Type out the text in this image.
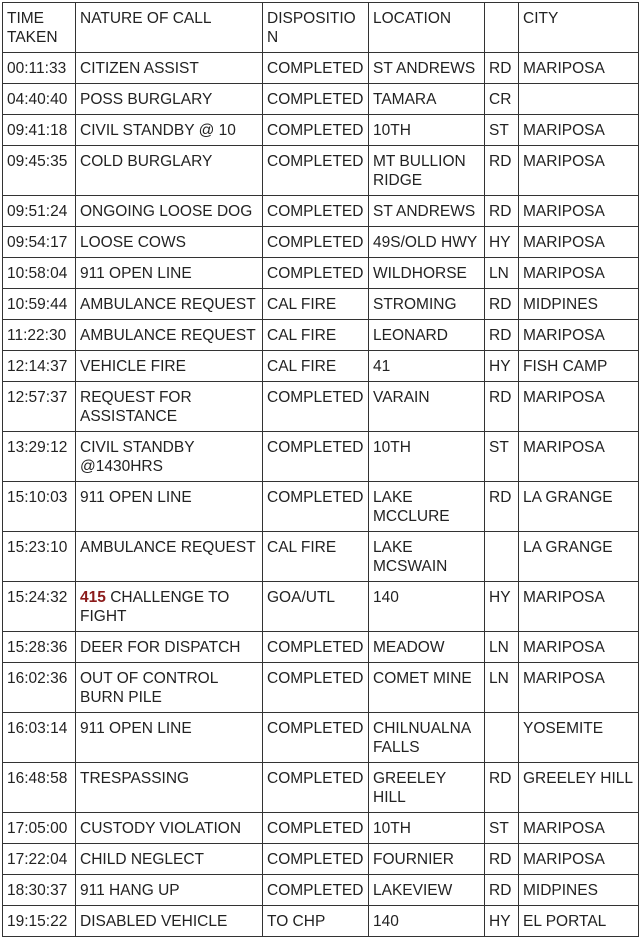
TIME TAKEN	NATURE OF CALL	DISPOSITION	LOCATION		CITY
00:11:33	CITIZEN ASSIST	COMPLETED	ST ANDREWS	RD	MARIPOSA
04:40:40	POSS BURGLARY	COMPLETED	TAMARA	CR	
09:41:18	CIVIL STANDBY @ 10	COMPLETED	10TH	ST	MARIPOSA
09:45:35	COLD BURGLARY	COMPLETED	MT BULLION RIDGE	RD	MARIPOSA
09:51:24	ONGOING LOOSE DOG	COMPLETED	ST ANDREWS	RD	MARIPOSA
09:54:17	LOOSE COWS	COMPLETED	49S/OLD HWY	HY	MARIPOSA
10:58:04	911 OPEN LINE	COMPLETED	WILDHORSE	LN	MARIPOSA
10:59:44	AMBULANCE REQUEST	CAL FIRE	STROMING	RD	MIDPINES
11:22:30	AMBULANCE REQUEST	CAL FIRE	LEONARD	RD	MARIPOSA
12:14:37	VEHICLE FIRE	CAL FIRE	41	HY	FISH CAMP
12:57:37	REQUEST FOR ASSISTANCE	COMPLETED	VARAIN	RD	MARIPOSA
13:29:12	CIVIL STANDBY @1430HRS	COMPLETED	10TH	ST	MARIPOSA
15:10:03	911 OPEN LINE	COMPLETED	LAKE MCCLURE	RD	LA GRANGE
15:23:10	AMBULANCE REQUEST	CAL FIRE	LAKE MCSWAIN		LA GRANGE
15:24:32	415 CHALLENGE TO FIGHT	GOA/UTL	140	HY	MARIPOSA
15:28:36	DEER FOR DISPATCH	COMPLETED	MEADOW	LN	MARIPOSA
16:02:36	OUT OF CONTROL BURN PILE	COMPLETED	COMET MINE	LN	MARIPOSA
16:03:14	911 OPEN LINE	COMPLETED	CHILNUALNA FALLS		YOSEMITE
16:48:58	TRESPASSING	COMPLETED	GREELEY HILL	RD	GREELEY HILL
17:05:00	CUSTODY VIOLATION	COMPLETED	10TH	ST	MARIPOSA
17:22:04	CHILD NEGLECT	COMPLETED	FOURNIER	RD	MARIPOSA
18:30:37	911 HANG UP	COMPLETED	LAKEVIEW	RD	MIDPINES
19:15:22	DISABLED VEHICLE	TO CHP	140	HY	EL PORTAL
